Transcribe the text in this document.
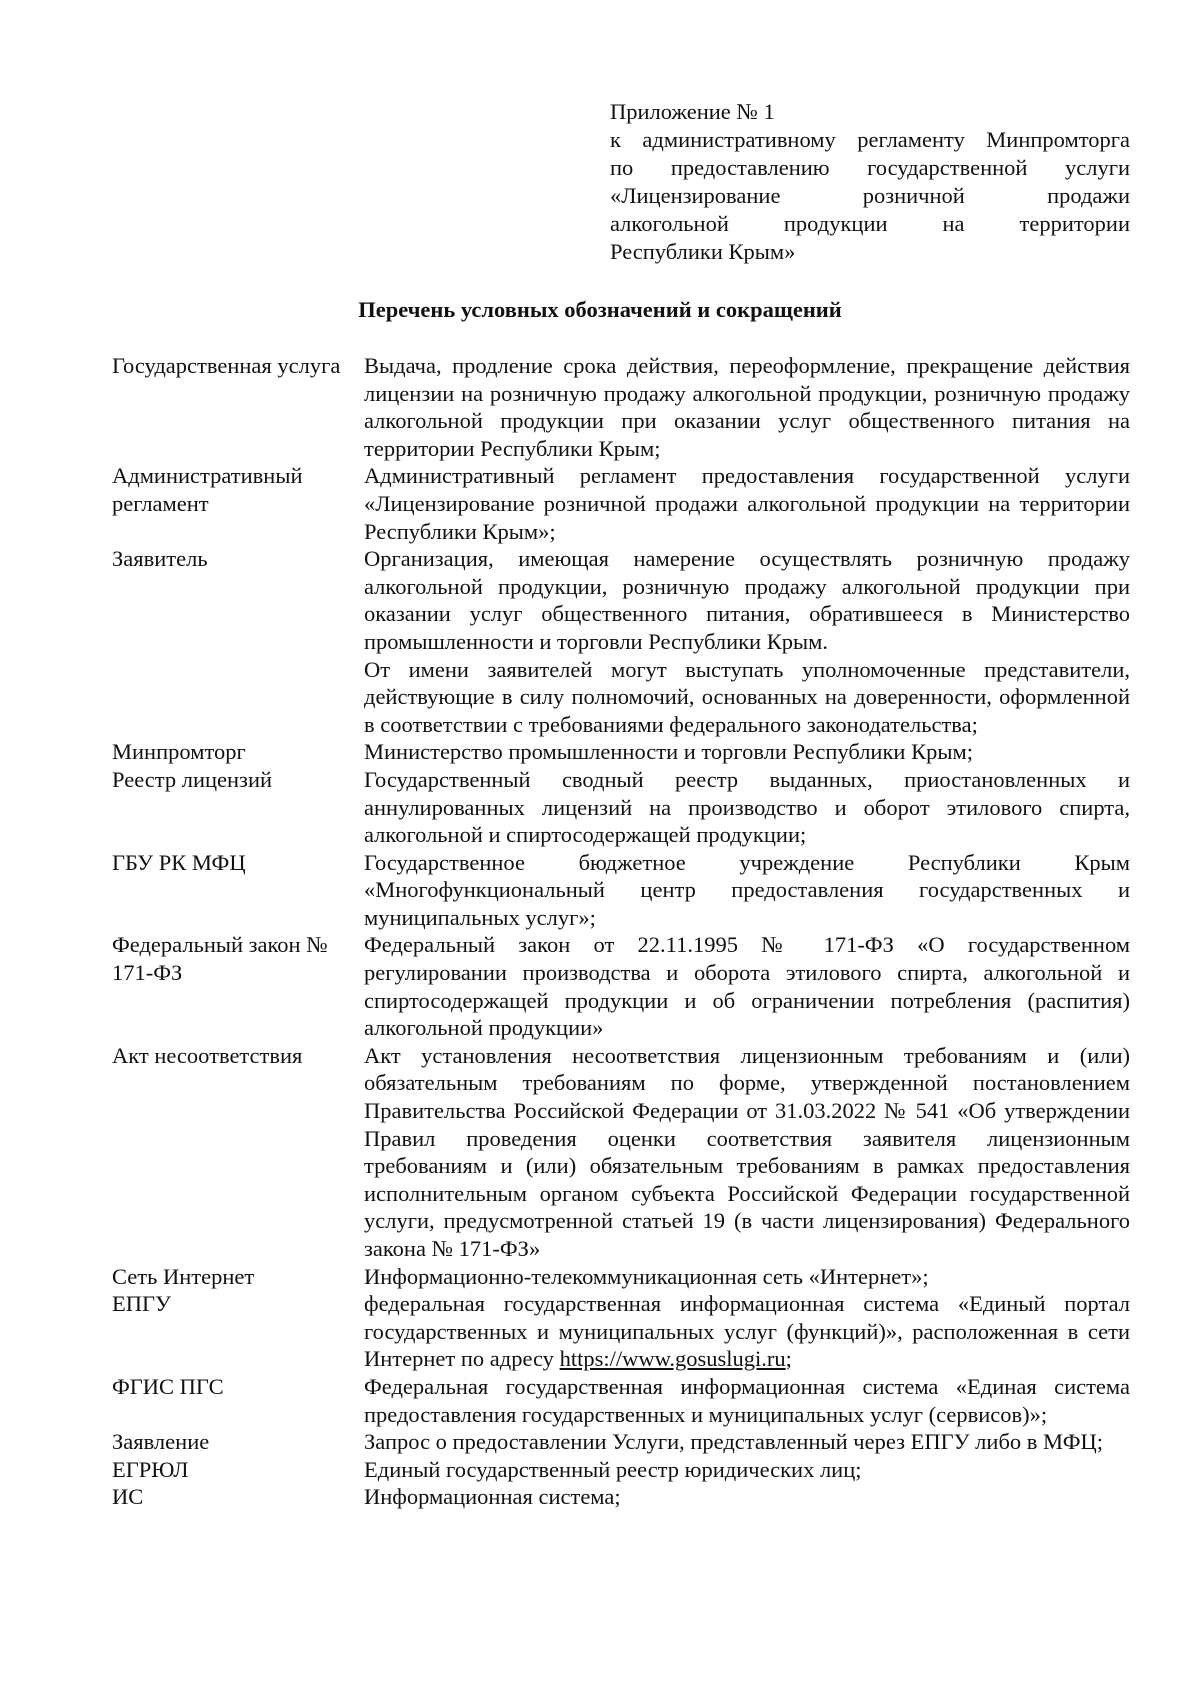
Приложение № 1
к административному регламенту Минпромторга
по предоставлению государственной услуги
«Лицензирование розничной продажи
алкогольной продукции на территории
Республики Крым»
Перечень условных обозначений и сокращений
Государственная услуга	Выдача, продление срока действия, переоформление, прекращение действия лицензии на розничную продажу алкогольной продукции, розничную продажу алкогольной продукции при оказании услуг общественного питания на территории Республики Крым;
Административный регламент	Административный регламент предоставления государственной услуги «Лицензирование розничной продажи алкогольной продукции на территории Республики Крым»;
Заявитель	Организация, имеющая намерение осуществлять розничную продажу алкогольной продукции, розничную продажу алкогольной продукции при оказании услуг общественного питания, обратившееся в Министерство промышленности и торговли Республики Крым.

От имени заявителей могут выступать уполномоченные представители, действующие в силу полномочий, основанных на доверенности, оформленной в соответствии с требованиями федерального законодательства;

Минпромторг	Министерство промышленности и торговли Республики Крым;
Реестр лицензий	Государственный сводный реестр выданных, приостановленных и аннулированных лицензий на производство и оборот этилового спирта, алкогольной и спиртосодержащей продукции;
ГБУ РК МФЦ	Государственное бюджетное учреждение Республики Крым «Многофункциональный центр предоставления государственных и муниципальных услуг»;
Федеральный закон № 171-ФЗ	Федеральный закон от 22.11.1995 № 171-ФЗ «О государственном регулировании производства и оборота этилового спирта, алкогольной и спиртосодержащей продукции и об ограничении потребления (распития) алкогольной продукции»
Акт несоответствия	Акт установления несоответствия лицензионным требованиям и (или) обязательным требованиям по форме, утвержденной постановлением Правительства Российской Федерации от 31.03.2022 № 541 «Об утверждении Правил проведения оценки соответствия заявителя лицензионным требованиям и (или) обязательным требованиям в рамках предоставления исполнительным органом субъекта Российской Федерации государственной услуги, предусмотренной статьей 19 (в части лицензирования) Федерального закона № 171-ФЗ»
Сеть Интернет	Информационно-телекоммуникационная сеть «Интернет»;
ЕПГУ	федеральная государственная информационная система «Единый портал государственных и муниципальных услуг (функций)», расположенная в сети Интернет по адресу https://www.gosuslugi.ru;
ФГИС ПГС	Федеральная государственная информационная система «Единая система предоставления государственных и муниципальных услуг (сервисов)»;
Заявление	Запрос о предоставлении Услуги, представленный через ЕПГУ либо в МФЦ;
ЕГРЮЛ	Единый государственный реестр юридических лиц;
ИС	Информационная система;
